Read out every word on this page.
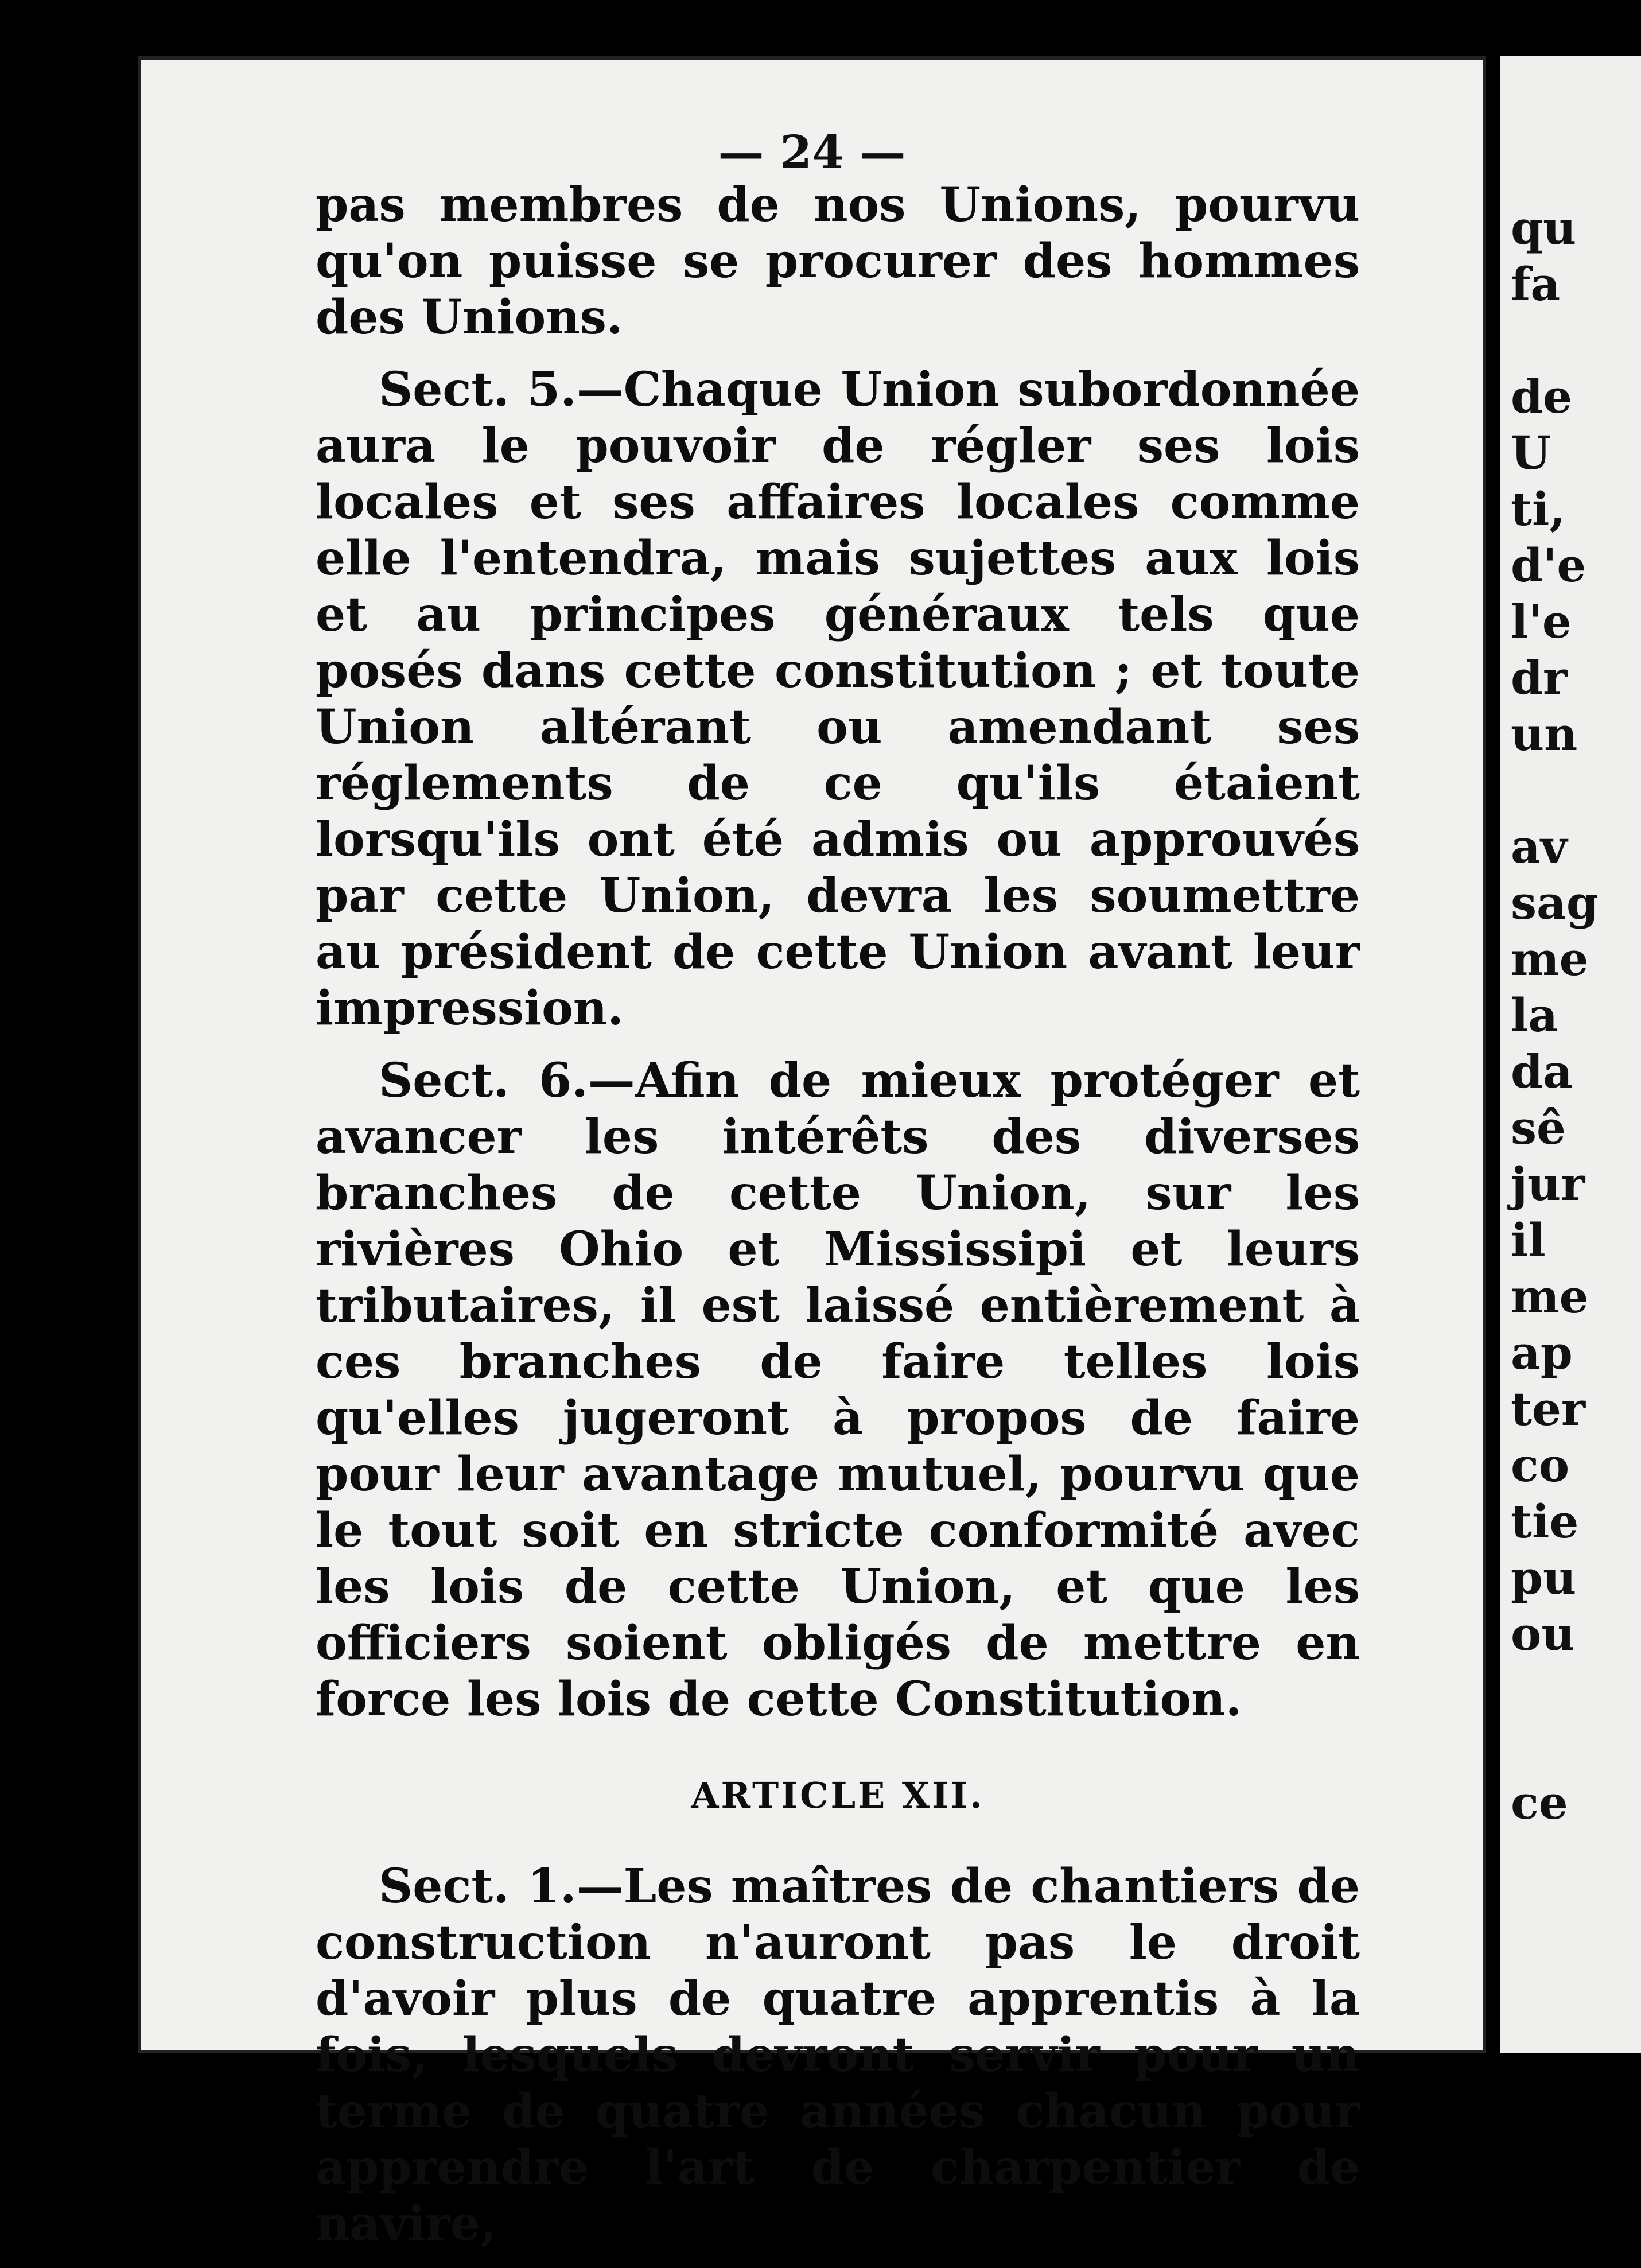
— 24 —

pas membres de nos Unions, pourvu qu'on puisse se procurer des hommes des Unions.

Sect. 5.—Chaque Union subordonnée aura le pouvoir de régler ses lois locales et ses affaires locales comme elle l'entendra, mais sujettes aux lois et au principes généraux tels que posés dans cette constitution ; et toute Union altérant ou amendant ses réglements de ce qu'ils étaient lorsqu'ils ont été admis ou approuvés par cette Union, devra les soumettre au président de cette Union avant leur impression.

Sect. 6.—Afin de mieux protéger et avancer les intérêts des diverses branches de cette Union, sur les rivières Ohio et Mississipi et leurs tributaires, il est laissé entièrement à ces branches de faire telles lois qu'elles jugeront à propos de faire pour leur avantage mutuel, pourvu que le tout soit en stricte conformité avec les lois de cette Union, et que les officiers soient obligés de mettre en force les lois de cette Constitution.

ARTICLE XII.

Sect. 1.—Les maîtres de chantiers de construction n'auront pas le droit d'avoir plus de quatre apprentis à la fois, lesquels devront servir pour un terme de quatre années chacun pour apprendre l'art de charpentier de navire,

qu
fa
de
U
ti,
d'e
l'e
dr
un
av
sag
me
la
da
sê
jur
il
me
ap
ter
co
tie
pu
ou
ce
